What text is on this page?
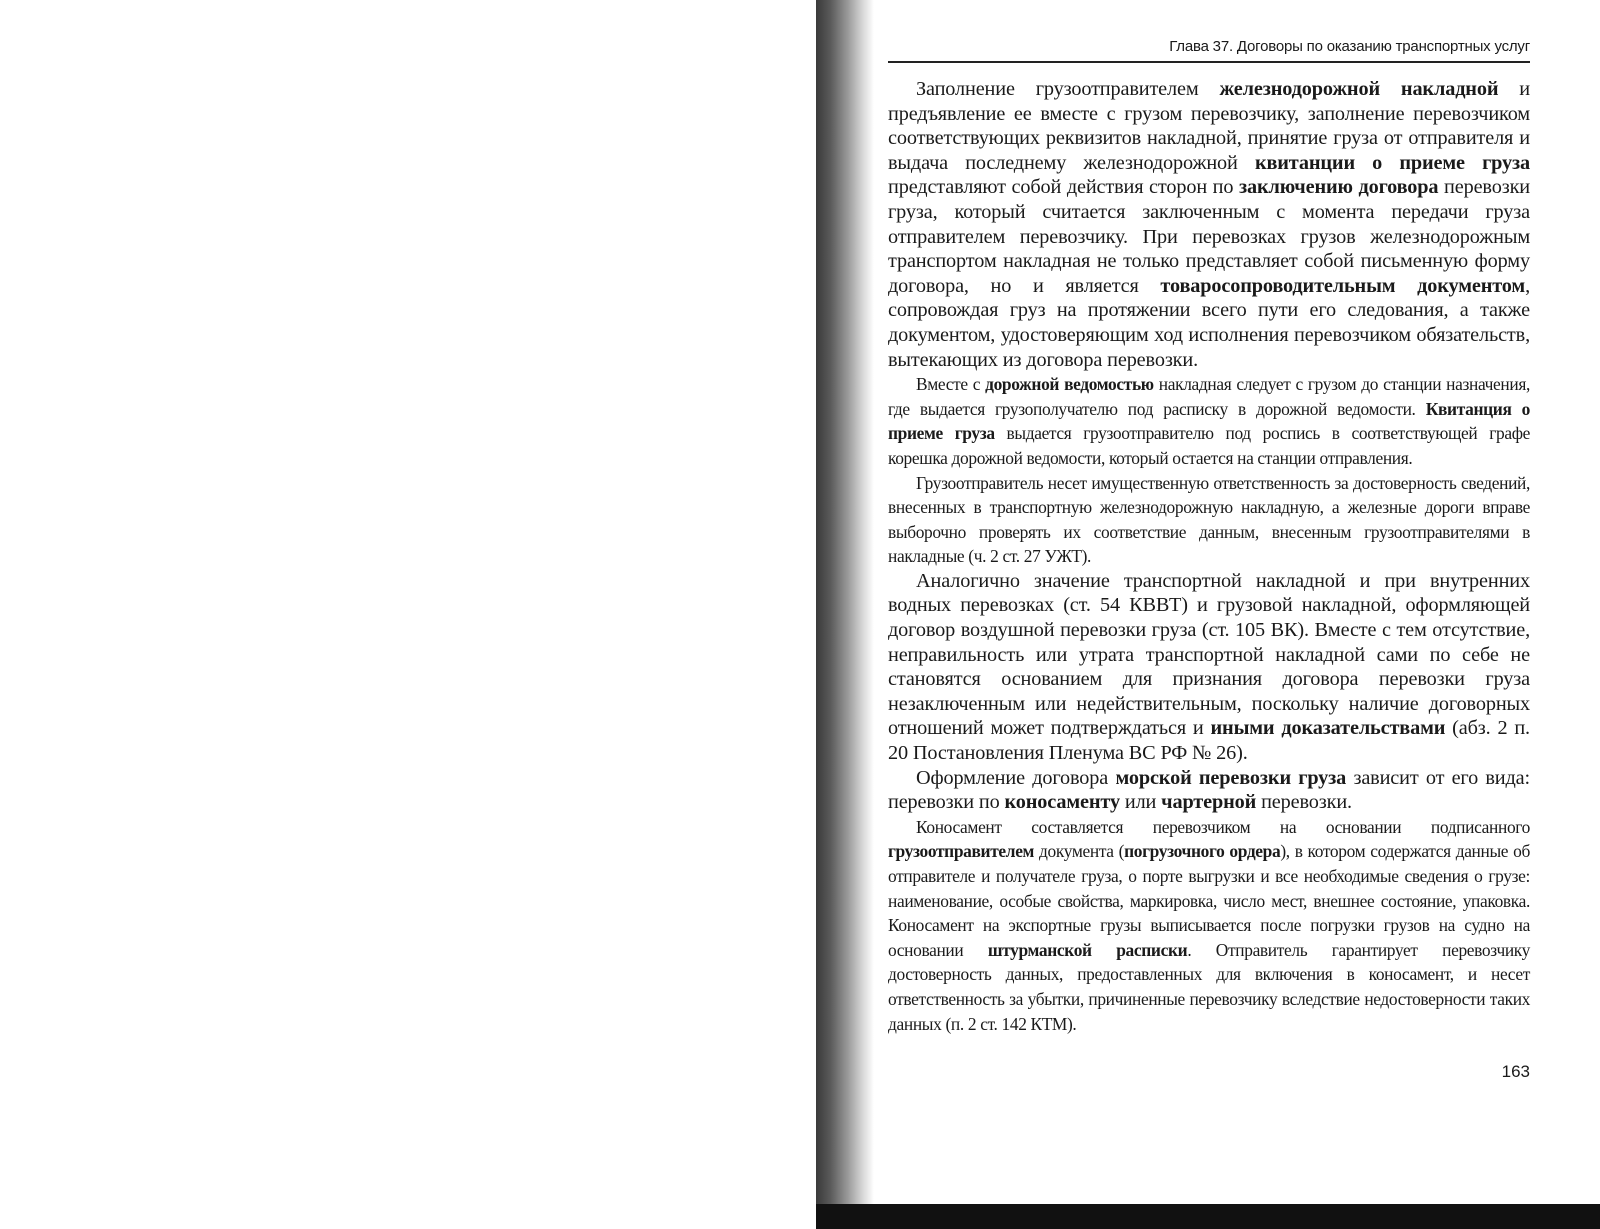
Глава 37. Договоры по оказанию транспортных услуг

Заполнение грузоотправителем железнодорожной накладной и предъявление ее вместе с грузом перевозчику, заполнение перевозчиком соответствующих реквизитов накладной, принятие груза от отправителя и выдача последнему железнодорожной квитанции о приеме груза представляют собой действия сторон по заключению договора перевозки груза, который считается заключенным с момента передачи груза отправителем перевозчику. При перевозках грузов железнодорожным транспортом накладная не только представляет собой письменную форму договора, но и является товаросопроводительным документом, сопровождая груз на протяжении всего пути его следования, а также документом, удостоверяющим ход исполнения перевозчиком обязательств, вытекающих из договора перевозки.

Вместе с дорожной ведомостью накладная следует с грузом до станции назначения, где выдается грузополучателю под расписку в дорожной ведомости. Квитанция о приеме груза выдается грузоотправителю под роспись в соответствующей графе корешка дорожной ведомости, который остается на станции отправления.

Грузоотправитель несет имущественную ответственность за достоверность сведений, внесенных в транспортную железнодорожную накладную, а железные дороги вправе выборочно проверять их соответствие данным, внесенным грузоотправителями в накладные (ч. 2 ст. 27 УЖТ).

Аналогично значение транспортной накладной и при внутренних водных перевозках (ст. 54 КВВТ) и грузовой накладной, оформляющей договор воздушной перевозки груза (ст. 105 ВК). Вместе с тем отсутствие, неправильность или утрата транспортной накладной сами по себе не становятся основанием для признания договора перевозки груза незаключенным или недействительным, поскольку наличие договорных отношений может подтверждаться и иными доказательствами (абз. 2 п. 20 Постановления Пленума ВС РФ № 26).

Оформление договора морской перевозки груза зависит от его вида: перевозки по коносаменту или чартерной перевозки.

Коносамент составляется перевозчиком на основании подписанного грузоотправителем документа (погрузочного ордера), в котором содержатся данные об отправителе и получателе груза, о порте выгрузки и все необходимые сведения о грузе: наименование, особые свойства, маркировка, число мест, внешнее состояние, упаковка. Коносамент на экспортные грузы выписывается после погрузки грузов на судно на основании штурманской расписки. Отправитель гарантирует перевозчику достоверность данных, предоставленных для включения в коносамент, и несет ответственность за убытки, причиненные перевозчику вследствие недостоверности таких данных (п. 2 ст. 142 КТМ).

163
